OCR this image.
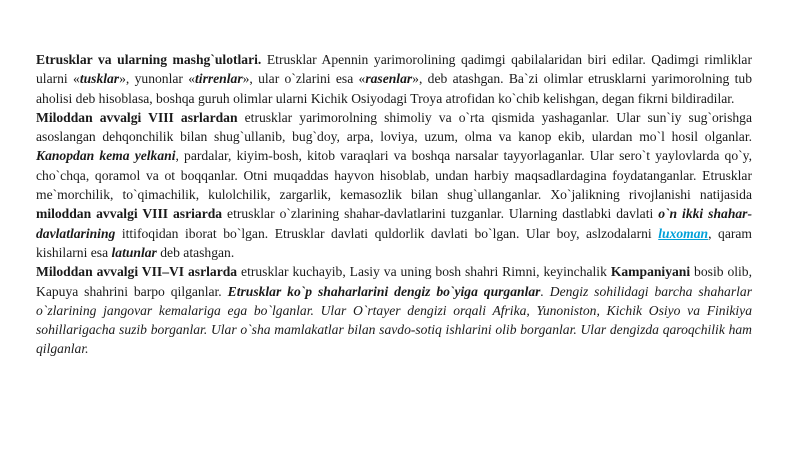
Etrusklar va ularning mashg`ulotlari. Etrusklar Apennin yarimorolining qadimgi qabilalaridan biri edilar. Qadimgi rimliklar ularni «tusklar», yunonlar «tirrenlar», ular o`zlarini esa «rasenlar», deb atashgan. Ba`zi olimlar etrusklarni yarimorolning tub aholisi deb hisoblasa, boshqa guruh olimlar ularni Kichik Osiyodagi Troya atrofidan ko`chib kelishgan, degan fikrni bildiradilar.

Miloddan avvalgi VIII asrlardan etrusklar yarimorolning shimoliy va o`rta qismida yashaganlar. Ular sun`iy sug`orishga asoslangan dehqonchilik bilan shug`ullanib, bug`doy, arpa, loviya, uzum, olma va kanop ekib, ulardan mo`l hosil olganlar. Kanopdan kema yelkani, pardalar, kiyim-bosh, kitob varaqlari va boshqa narsalar tayyorlaganlar. Ular sero`t yaylovlarda qo`y, cho`chqa, qoramol va ot boqqanlar. Otni muqaddas hayvon hisoblab, undan harbiy maqsadlardagina foydatanganlar. Etrusklar me`morchilik, to`qimachilik, kulolchilik, zargarlik, kemasozlik bilan shug`ullanganlar. Xo`jalikning rivojlanishi natijasida miloddan avvalgi VIII asriarda etrusklar o`zlarining shahar-davlatlarini tuzganlar. Ularning dastlabki davlati o`n ikki shahar-davlatlarining ittifoqidan iborat bo`lgan. Etrusklar davlati quldorlik davlati bo`lgan. Ular boy, aslzodalarni luxoman, qaram kishilarni esa latunlar deb atashgan.

Miloddan avvalgi VII–VI asrlarda etrusklar kuchayib, Lasiy va uning bosh shahri Rimni, keyinchalik Kampaniyani bosib olib, Kapuya shahrini barpo qilganlar. Etrusklar ko`p shaharlarini dengiz bo`yiga qurganlar. Dengiz sohilidagi barcha shaharlar o`zlarining jangovar kemalariga ega bo`lganlar. Ular O`rtayer dengizi orqali Afrika, Yunoniston, Kichik Osiyo va Finikiya sohillarigacha suzib borganlar. Ular o`sha mamlakatlar bilan savdo-sotiq ishlarini olib borganlar. Ular dengizda qaroqchilik ham qilganlar.
